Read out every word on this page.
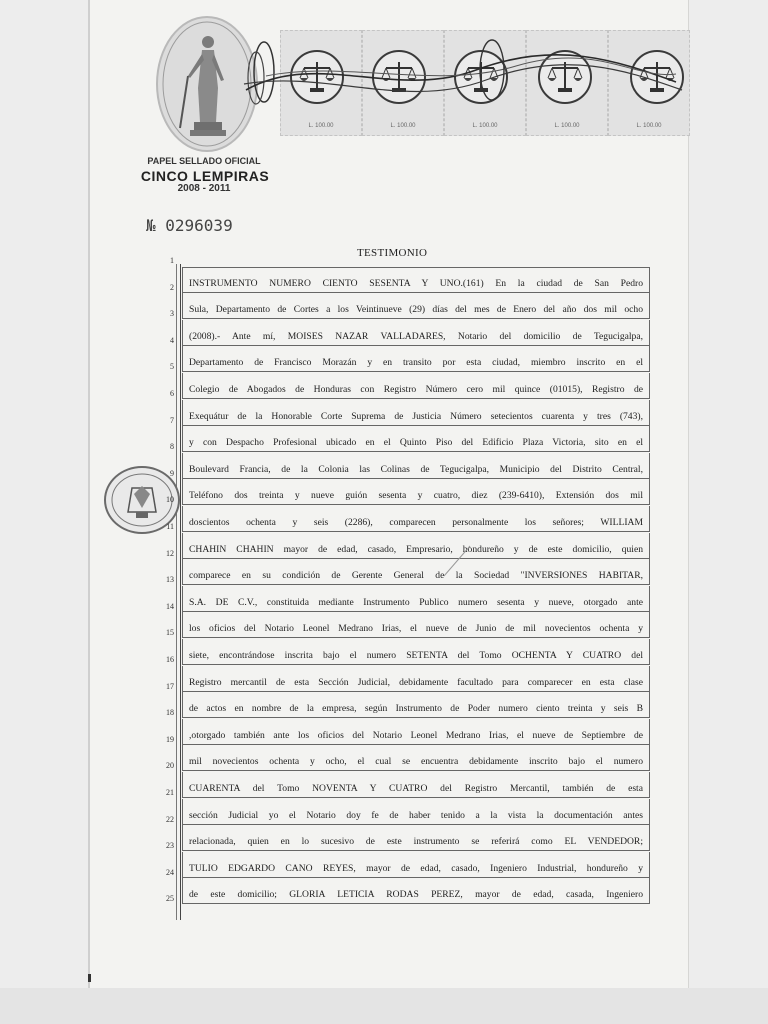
L. 100.00	L. 100.00	L. 100.00	L. 100.00	L. 100.00
PAPEL SELLADO OFICIAL
CINCO LEMPIRAS
2008 - 2011
№ 0296039
TESTIMONIO
1
2 INSTRUMENTO NUMERO CIENTO SESENTA Y UNO.(161) En la ciudad de San Pedro
3 Sula, Departamento de Cortes a los Veintinueve (29) días del mes de Enero del año dos mil ocho
4 (2008).- Ante mí, MOISES NAZAR VALLADARES, Notario del domicilio de Tegucigalpa,
5 Departamento de Francisco Morazán y en transito por esta ciudad, miembro inscrito en el
6 Colegio de Abogados de Honduras con Registro Número cero mil quince (01015), Registro de
7 Exequátur de la Honorable Corte Suprema de Justicia Número setecientos cuarenta y tres (743),
8 y con Despacho Profesional ubicado en el Quinto Piso del Edificio Plaza Victoria, sito en el
9 Boulevard Francia, de la Colonia las Colinas de Tegucigalpa, Municipio del Distrito Central,
10 Teléfono dos treinta y nueve guión sesenta y cuatro, diez (239-6410), Extensión dos mil
11 doscientos ochenta y seis (2286), comparecen personalmente los señores; WILLIAM
12 CHAHIN CHAHIN mayor de edad, casado, Empresario, hondureño y de este domicilio, quien
13 comparece en su condición de Gerente General de la Sociedad "INVERSIONES HABITAR,
14 S.A. DE C.V., constituida mediante Instrumento Publico numero sesenta y nueve, otorgado ante
15 los oficios del Notario Leonel Medrano Irias, el nueve de Junio de mil novecientos ochenta y
16 siete, encontrándose inscrita bajo el numero SETENTA del Tomo OCHENTA Y CUATRO del
17 Registro mercantil de esta Sección Judicial, debidamente facultado para comparecer en esta clase
18 de actos en nombre de la empresa, según Instrumento de Poder numero ciento treinta y seis B
19 ,otorgado también ante los oficios del Notario Leonel Medrano Irias, el nueve de Septiembre de
20 mil novecientos ochenta y ocho, el cual se encuentra debidamente inscrito bajo el numero
21 CUARENTA del Tomo NOVENTA Y CUATRO del Registro Mercantil, también de esta
22 sección Judicial yo el Notario doy fe de haber tenido a la vista la documentación antes
23 relacionada, quien en lo sucesivo de este instrumento se referirá como EL VENDEDOR;
24 TULIO EDGARDO CANO REYES, mayor de edad, casado, Ingeniero Industrial, hondureño y
25 de este domicilio; GLORIA LETICIA RODAS PEREZ, mayor de edad, casada, Ingeniero
